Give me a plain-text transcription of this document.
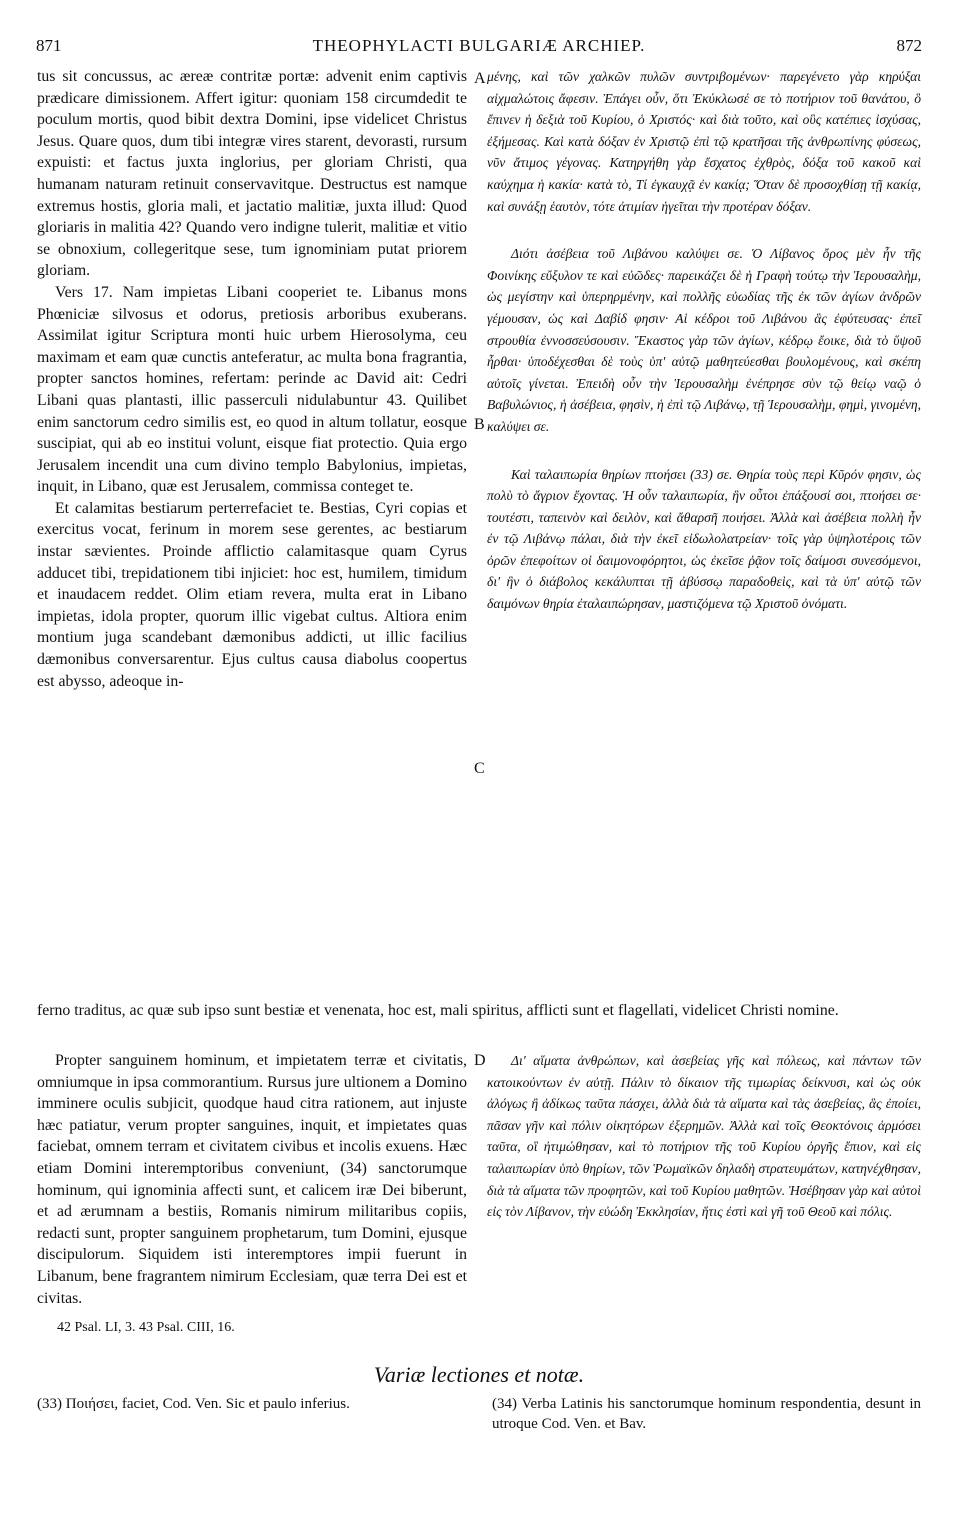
871	THEOPHYLACTI BULGARIÆ ARCHIEP.	872
A
B
C
D

tus sit concussus, ac æreæ contritæ portæ: advenit enim captivis prædicare dimissionem. Affert igitur: quoniam 158 circumdedit te poculum mortis, quod bibit dextra Domini, ipse videlicet Christus Jesus. Quare quos, dum tibi integræ vires starent, devorasti, rursum expuisti: et factus juxta inglorius, per gloriam Christi, qua humanam naturam retinuit conservavitque. Destructus est namque extremus hostis, gloria mali, et jactatio malitiæ, juxta illud: Quod gloriaris in malitia 42? Quando vero indigne tulerit, malitiæ et vitio se obnoxium, collegeritque sese, tum ignominiam putat priorem gloriam.

Vers 17. Nam impietas Libani cooperiet te. Libanus mons Phœniciæ silvosus et odorus, pretiosis arboribus exuberans. Assimilat igitur Scriptura monti huic urbem Hierosolyma, ceu maximam et eam quæ cunctis anteferatur, ac multa bona fragrantia, propter sanctos homines, refertam: perinde ac David ait: Cedri Libani quas plantasti, illic passerculi nidulabuntur 43. Quilibet enim sanctorum cedro similis est, eo quod in altum tollatur, eosque suscipiat, qui ab eo institui volunt, eisque fiat protectio. Quia ergo Jerusalem incendit una cum divino templo Babylonius, impietas, inquit, in Libano, quæ est Jerusalem, commissa conteget te.

Et calamitas bestiarum perterrefaciet te. Bestias, Cyri copias et exercitus vocat, ferinum in morem sese gerentes, ac bestiarum instar sævientes. Proinde afflictio calamitasque quam Cyrus adducet tibi, trepidationem tibi injiciet: hoc est, humilem, timidum et inaudacem reddet. Olim etiam revera, multa erat in Libano impietas, idola propter, quorum illic vigebat cultus. Altiora enim montium juga scandebant dæmonibus addicti, ut illic facilius dæmonibus conversarentur. Ejus cultus causa diabolus coopertus est abysso, adeoque in-

ferno traditus, ac quæ sub ipso sunt bestiæ et venenata, hoc est, mali spiritus, afflicti sunt et flagellati, videlicet Christi nomine.

Propter sanguinem hominum, et impietatem terræ et civitatis, omniumque in ipsa commorantium. Rursus jure ultionem a Domino imminere oculis subjicit, quodque haud citra rationem, aut injuste hæc patiatur, verum propter sanguines, inquit, et impietates quas faciebat, omnem terram et civitatem civibus et incolis exuens. Hæc etiam Domini interemptoribus conveniunt, (34) sanctorumque hominum, qui ignominia affecti sunt, et calicem iræ Dei biberunt, et ad ærumnam a bestiis, Romanis nimirum militaribus copiis, redacti sunt, propter sanguinem prophetarum, tum Domini, ejusque discipulorum. Siquidem isti interemptores impii fuerunt in Libanum, bene fragrantem nimirum Ecclesiam, quæ terra Dei est et civitas.

μένης, καὶ τῶν χαλκῶν πυλῶν συντριβομένων· παρεγένετο γὰρ κηρύξαι αἰχμαλώτοις ἄφεσιν. Ἐπάγει οὖν, ὅτι Ἐκύκλωσέ σε τὸ ποτήριον τοῦ θανάτου, ὃ ἔπινεν ἡ δεξιὰ τοῦ Κυρίου, ὁ Χριστός· καὶ διὰ τοῦτο, καὶ οὓς κατέπιες ἰσχύσας, ἐξήμεσας. Καὶ κατὰ δόξαν ἐν Χριστῷ ἐπὶ τῷ κρατῆσαι τῆς ἀνθρωπίνης φύσεως, νῦν ἄτιμος γέγονας. Κατηργήθη γὰρ ἔσχατος ἐχθρὸς, δόξα τοῦ κακοῦ καὶ καύχημα ἡ κακία· κατὰ τὸ, Τί ἐγκαυχᾷ ἐν κακίᾳ; Ὅταν δὲ προσοχθίσῃ τῇ κακίᾳ, καὶ συνάξῃ ἑαυτὸν, τότε ἀτιμίαν ἡγεῖται τὴν προτέραν δόξαν.

Διότι ἀσέβεια τοῦ Λιβάνου καλύψει σε. Ὁ Λίβανος ὄρος μὲν ἦν τῆς Φοινίκης εὔξυλον τε καὶ εὐῶδες· παρεικάζει δὲ ἡ Γραφὴ τούτῳ τὴν Ἱερουσαλὴμ, ὡς μεγίστην καὶ ὑπερηρμένην, καὶ πολλῆς εὐωδίας τῆς ἐκ τῶν ἁγίων ἀνδρῶν γέμουσαν, ὡς καὶ Δαβίδ φησιν· Αἱ κέδροι τοῦ Λιβάνου ἃς ἐφύτευσας· ἐπεῖ στρουθία ἐννοσσεύσουσιν. Ἕκαστος γὰρ τῶν ἁγίων, κέδρῳ ἔοικε, διὰ τὸ ὕψοῦ ἦρθαι· ὑποδέχεσθαι δὲ τοὺς ὑπ' αὐτῷ μαθητεύεσθαι βουλομένους, καὶ σκέπη αὐτοῖς γίνεται. Ἐπειδὴ οὖν τὴν Ἱερουσαλὴμ ἐνέπρησε σὺν τῷ θείῳ ναῷ ὁ Βαβυλώνιος, ἡ ἀσέβεια, φησὶν, ἡ ἐπὶ τῷ Λιβάνῳ, τῇ Ἱερουσαλὴμ, φημὶ, γινομένη, καλύψει σε.

Καὶ ταλαιπωρία θηρίων πτοήσει (33) σε. Θηρία τοὺς περὶ Κῦρόν φησιν, ὡς πολὺ τὸ ἄγριον ἔχοντας. Ἡ οὖν ταλαιπωρία, ἣν οὗτοι ἐπάξουσί σοι, πτοήσει σε· τουτέστι, ταπεινὸν καὶ δειλὸν, καὶ ἄθαρσῆ ποιήσει. Ἀλλὰ καὶ ἀσέβεια πολλὴ ἦν ἐν τῷ Λιβάνῳ πάλαι, διὰ τὴν ἐκεῖ εἰδωλολατρείαν· τοῖς γὰρ ὑψηλοτέροις τῶν ὀρῶν ἐπεφοίτων οἱ δαιμονοφόρητοι, ὡς ἐκεῖσε ῥᾷον τοῖς δαίμοσι συνεσόμενοι, δι' ἣν ὁ διάβολος κεκάλυπται τῇ ἀβύσσῳ παραδοθεὶς, καὶ τὰ ὑπ' αὐτῷ τῶν δαιμόνων θηρία ἐταλαιπώρησαν, μαστιζόμενα τῷ Χριστοῦ ὀνόματι.

Δι' αἵματα ἀνθρώπων, καὶ ἀσεβείας γῆς καὶ πόλεως, καὶ πάντων τῶν κατοικούντων ἐν αὐτῇ. Πάλιν τὸ δίκαιον τῆς τιμωρίας δείκνυσι, καὶ ὡς οὐκ ἀλόγως ἢ ἀδίκως ταῦτα πάσχει, ἀλλὰ διὰ τὰ αἵματα καὶ τὰς ἀσεβείας, ἃς ἐποίει, πᾶσαν γῆν καὶ πόλιν οἰκητόρων ἐξερημῶν. Ἀλλὰ καὶ τοῖς Θεοκτόνοις ἁρμόσει ταῦτα, οἳ ἠτιμώθησαν, καὶ τὸ ποτήριον τῆς τοῦ Κυρίου ὀργῆς ἔπιον, καὶ εἰς ταλαιπωρίαν ὑπὸ θηρίων, τῶν Ῥωμαϊκῶν δηλαδὴ στρατευμάτων, κατηνέχθησαν, διὰ τὰ αἵματα τῶν προφητῶν, καὶ τοῦ Κυρίου μαθητῶν. Ἠσέβησαν γὰρ καὶ αὐτοὶ εἰς τὸν Λίβανον, τὴν εὐώδη Ἐκκλησίαν, ἥτις ἐστὶ καὶ γῆ τοῦ Θεοῦ καὶ πόλις.

42 Psal. LI, 3. 43 Psal. CIII, 16.
Variæ lectiones et notæ.
(33) Ποιήσει, faciet, Cod. Ven. Sic et paulo inferius.	(34) Verba Latinis his sanctorumque hominum respondentia, desunt in utroque Cod. Ven. et Bav.
